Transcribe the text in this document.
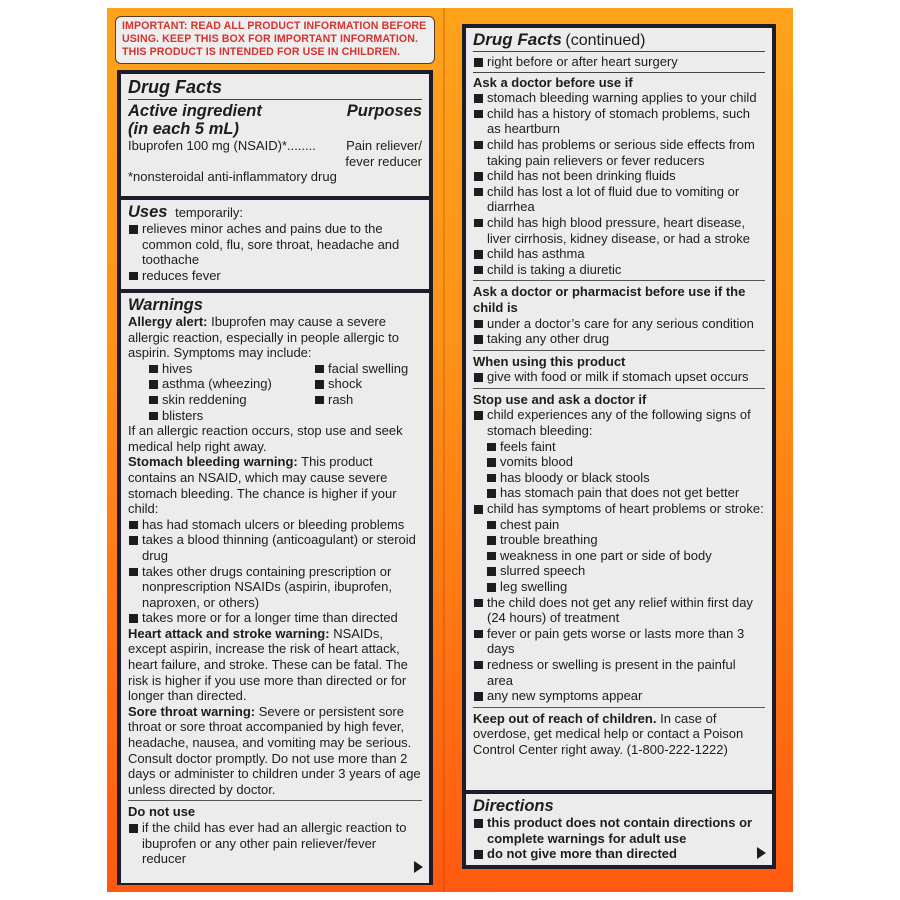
IMPORTANT: READ ALL PRODUCT INFORMATION BEFORE USING. KEEP THIS BOX FOR IMPORTANT INFORMATION. THIS PRODUCT IS INTENDED FOR USE IN CHILDREN.
Drug Facts
Active ingredient	Purposes
(in each 5 mL)
Ibuprofen 100 mg (NSAID)*........ Pain reliever/
fever reducer
*nonsteroidal anti-inflammatory drug
Uses temporarily:
relieves minor aches and pains due to the common cold, flu, sore throat, headache and toothache
reduces fever
Warnings
Allergy alert: Ibuprofen may cause a severe allergic reaction, especially in people allergic to aspirin. Symptoms may include:
hives	facial swelling
asthma (wheezing)	shock
skin reddening	rash
blisters
If an allergic reaction occurs, stop use and seek medical help right away.
Stomach bleeding warning: This product contains an NSAID, which may cause severe stomach bleeding. The chance is higher if your child:
has had stomach ulcers or bleeding problems
takes a blood thinning (anticoagulant) or steroid drug
takes other drugs containing prescription or nonprescription NSAIDs (aspirin, ibuprofen, naproxen, or others)
takes more or for a longer time than directed
Heart attack and stroke warning: NSAIDs, except aspirin, increase the risk of heart attack, heart failure, and stroke. These can be fatal. The risk is higher if you use more than directed or for longer than directed.
Sore throat warning: Severe or persistent sore throat or sore throat accompanied by high fever, headache, nausea, and vomiting may be serious. Consult doctor promptly. Do not use more than 2 days or administer to children under 3 years of age unless directed by doctor.
Do not use
if the child has ever had an allergic reaction to ibuprofen or any other pain reliever/fever reducer
Drug Facts (continued)
right before or after heart surgery
Ask a doctor before use if
stomach bleeding warning applies to your child
child has a history of stomach problems, such as heartburn
child has problems or serious side effects from taking pain relievers or fever reducers
child has not been drinking fluids
child has lost a lot of fluid due to vomiting or diarrhea
child has high blood pressure, heart disease, liver cirrhosis, kidney disease, or had a stroke
child has asthma
child is taking a diuretic
Ask a doctor or pharmacist before use if the child is
under a doctor’s care for any serious condition
taking any other drug
When using this product
give with food or milk if stomach upset occurs
Stop use and ask a doctor if
child experiences any of the following signs of stomach bleeding:
feels faint
vomits blood
has bloody or black stools
has stomach pain that does not get better
child has symptoms of heart problems or stroke:
chest pain
trouble breathing
weakness in one part or side of body
slurred speech
leg swelling
the child does not get any relief within first day (24 hours) of treatment
fever or pain gets worse or lasts more than 3 days
redness or swelling is present in the painful area
any new symptoms appear
Keep out of reach of children. In case of overdose, get medical help or contact a Poison Control Center right away. (1-800-222-1222)
Directions
this product does not contain directions or complete warnings for adult use
do not give more than directed
